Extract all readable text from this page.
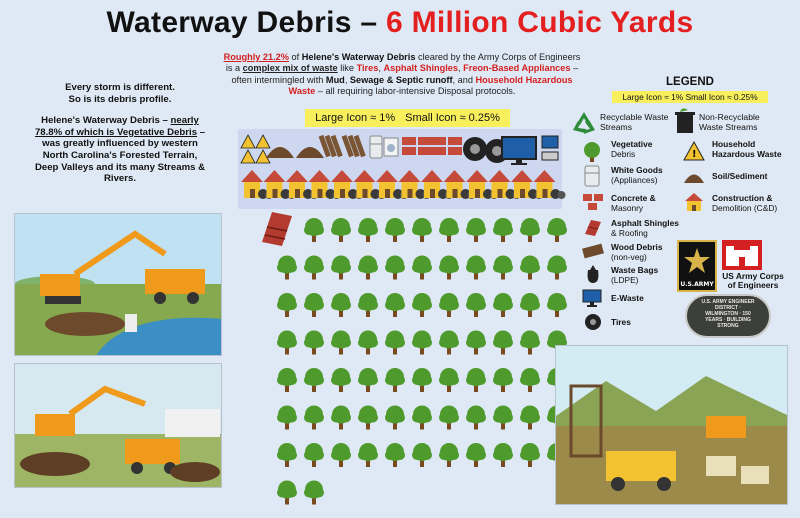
Waterway Debris – 6 Million Cubic Yards
Roughly 21.2% of Helene's Waterway Debris cleared by the Army Corps of Engineers is a complex mix of waste like Tires, Asphalt Shingles, Freon-Based Appliances – often intermingled with Mud, Sewage & Septic runoff, and Household Hazardous Waste – all requiring labor-intensive Disposal protocols.

Every storm is different.
So is its debris profile.

Helene's Waterway Debris – nearly 78.8% of which is Vegetative Debris – was greatly influenced by western North Carolina's Forested Terrain, Deep Valleys and its many Streams & Rivers.

Large Icon ≈ 1% Small Icon ≈ 0.25%
LEGEND
Large Icon ≈ 1% Small Icon ≈ 0.25%
Recyclable Waste Streams
Non-Recyclable Waste Streams
Vegetative
Debris
White Goods
(Appliances)
Concrete &
Masonry
Asphalt Shingles
& Roofing
Wood Debris
(non-veg)
Waste Bags
(LDPE)
E-Waste
Tires
!
Household
Hazardous Waste
Soil/Sediment
Construction &
Demolition (C&D)
U.S.ARMY
US Army Corps
of Engineers
U.S. ARMY ENGINEER DISTRICT · WILMINGTON · 150 YEARS · BUILDING STRONG
